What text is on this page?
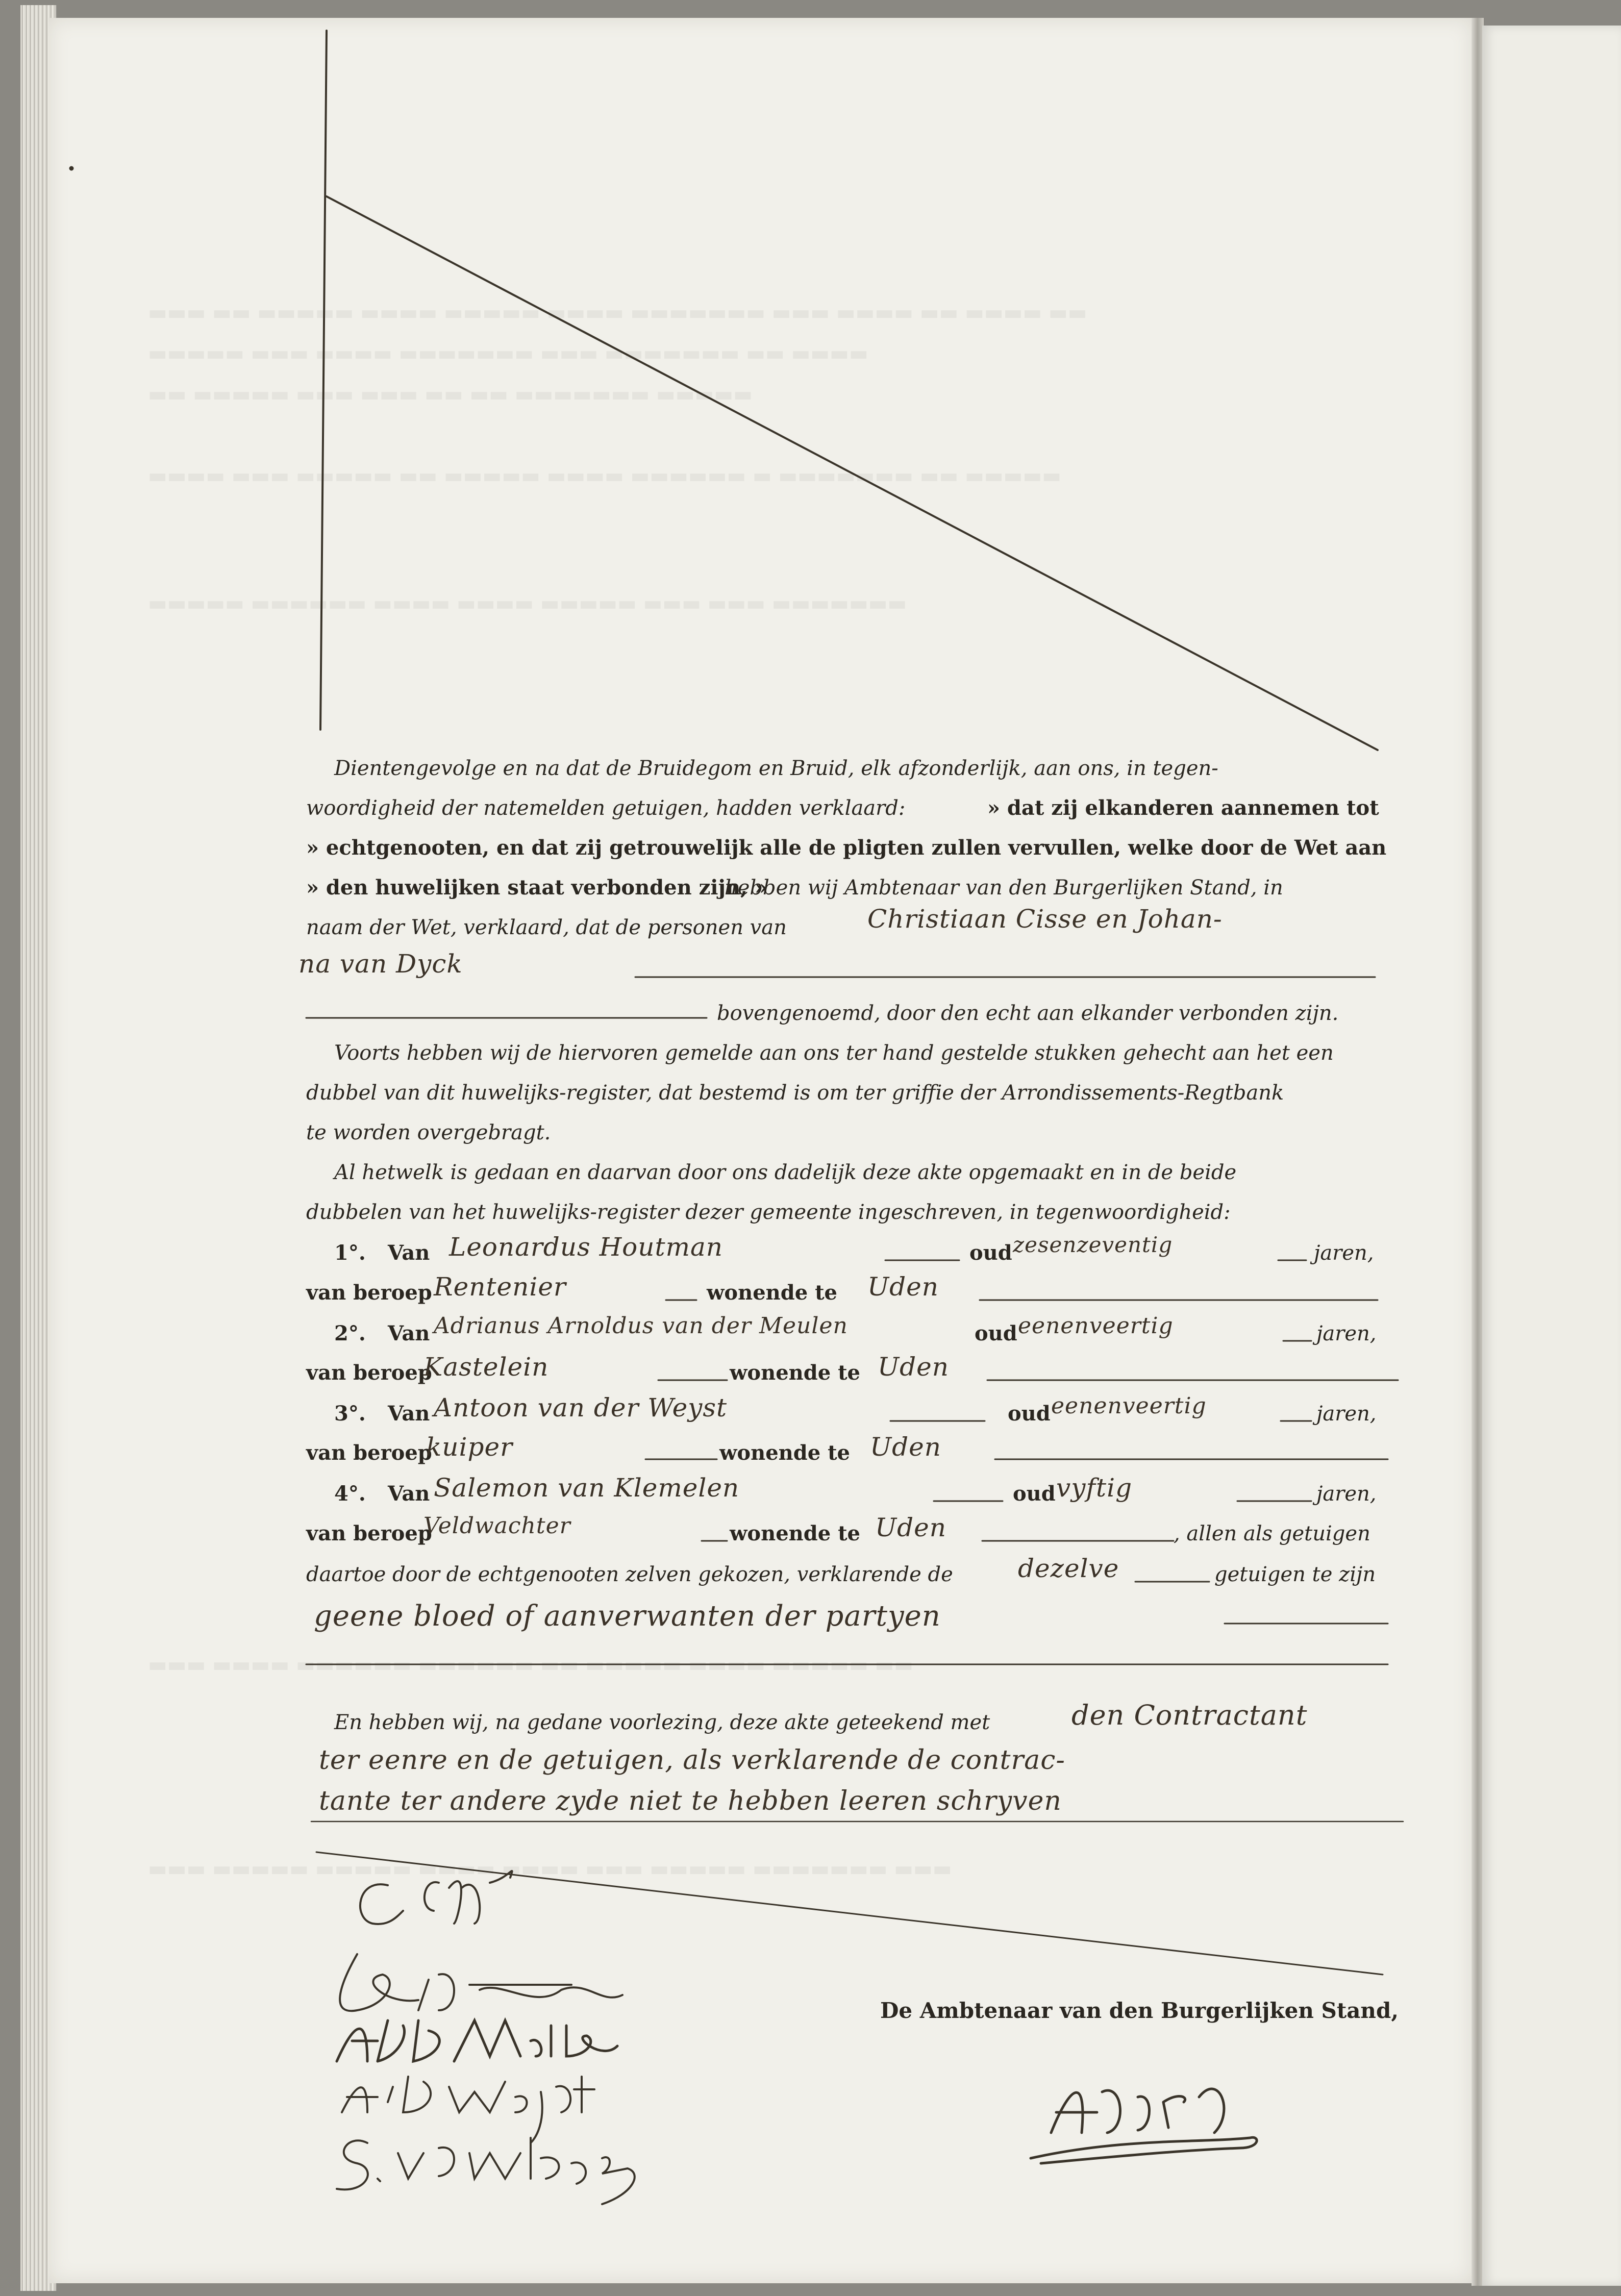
▬▬▬ ▬▬ ▬▬▬▬▬ ▬▬▬▬ ▬▬▬▬▬ ▬▬▬▬ ▬▬▬▬▬▬▬ ▬▬▬ ▬▬▬▬ ▬▬ ▬▬▬▬ ▬▬
▬▬▬▬▬ ▬▬▬ ▬▬▬▬ ▬▬▬▬▬▬▬ ▬▬▬ ▬▬▬▬▬▬▬ ▬▬ ▬▬▬▬
▬▬ ▬▬▬▬▬ ▬▬▬ ▬▬▬ ▬▬ ▬▬ ▬▬▬▬▬▬▬ ▬▬▬▬▬
▬▬▬▬ ▬▬▬ ▬▬▬▬▬ ▬▬ ▬▬▬▬▬ ▬▬▬▬ ▬▬▬▬▬▬ ▬ ▬▬▬▬▬▬▬ ▬▬ ▬▬▬▬▬
▬▬▬▬▬ ▬▬▬▬▬▬ ▬▬▬▬ ▬▬▬▬ ▬▬▬▬▬ ▬▬▬ ▬▬▬ ▬▬▬▬▬▬▬
▬▬▬ ▬▬▬▬ ▬▬▬▬▬▬ ▬▬▬▬▬▬ ▬▬ ▬▬▬▬▬ ▬▬▬▬ ▬▬▬▬▬ ▬▬
▬▬▬ ▬▬▬▬▬ ▬▬▬▬▬ ▬▬▬▬ ▬▬▬▬ ▬▬▬ ▬▬▬▬▬ ▬▬▬▬▬▬▬ ▬▬▬
Dientengevolge en na dat de Bruidegom en Bruid, elk afzonderlijk, aan ons, in tegen-
woordigheid der natemelden getuigen, hadden verklaard:	» dat zij elkanderen aannemen tot
» echtgenooten, en dat zij getrouwelijk alle de pligten zullen vervullen, welke door de Wet aan
» den huwelijken staat verbonden zijn, »
hebben wij Ambtenaar van den Burgerlijken Stand, in
naam der Wet, verklaard, dat de personen van	Christiaan Cisse en Johan-
na van Dyck
bovengenoemd, door den echt aan elkander verbonden zijn.
Voorts hebben wij de hiervoren gemelde aan ons ter hand gestelde stukken gehecht aan het een
dubbel van dit huwelijks-register, dat bestemd is om ter griffie der Arrondissements-Regtbank
te worden overgebragt.
Al hetwelk is gedaan en daarvan door ons dadelijk deze akte opgemaakt en in de beide
dubbelen van het huwelijks-register dezer gemeente ingeschreven, in tegenwoordigheid:
1°. Van Leonardus Houtman	oud zesenzeventig	jaren,
van beroep Rentenier	wonende te Uden
2°. Van Adrianus Arnoldus van der Meulen	oud eenenveertig	jaren,
van beroep
Kastelein	wonende te Uden
3°. Van Antoon van der Weyst	oud eenenveertig	jaren,
van beroep
kuiper	wonende te Uden
4°. Van Salemon van Klemelen	oud vyftig	jaren,
van beroep
Veldwachter	wonende te Uden	, allen als getuigen
daartoe door de echtgenooten zelven gekozen, verklarende de	dezelve	getuigen te zijn
geene bloed of aanverwanten der partyen
En hebben wij, na gedane voorlezing, deze akte geteekend met	den Contractant
ter eenre en de getuigen, als verklarende de contrac-
tante ter andere zyde niet te hebben leeren schryven
De Ambtenaar van den Burgerlijken Stand,
